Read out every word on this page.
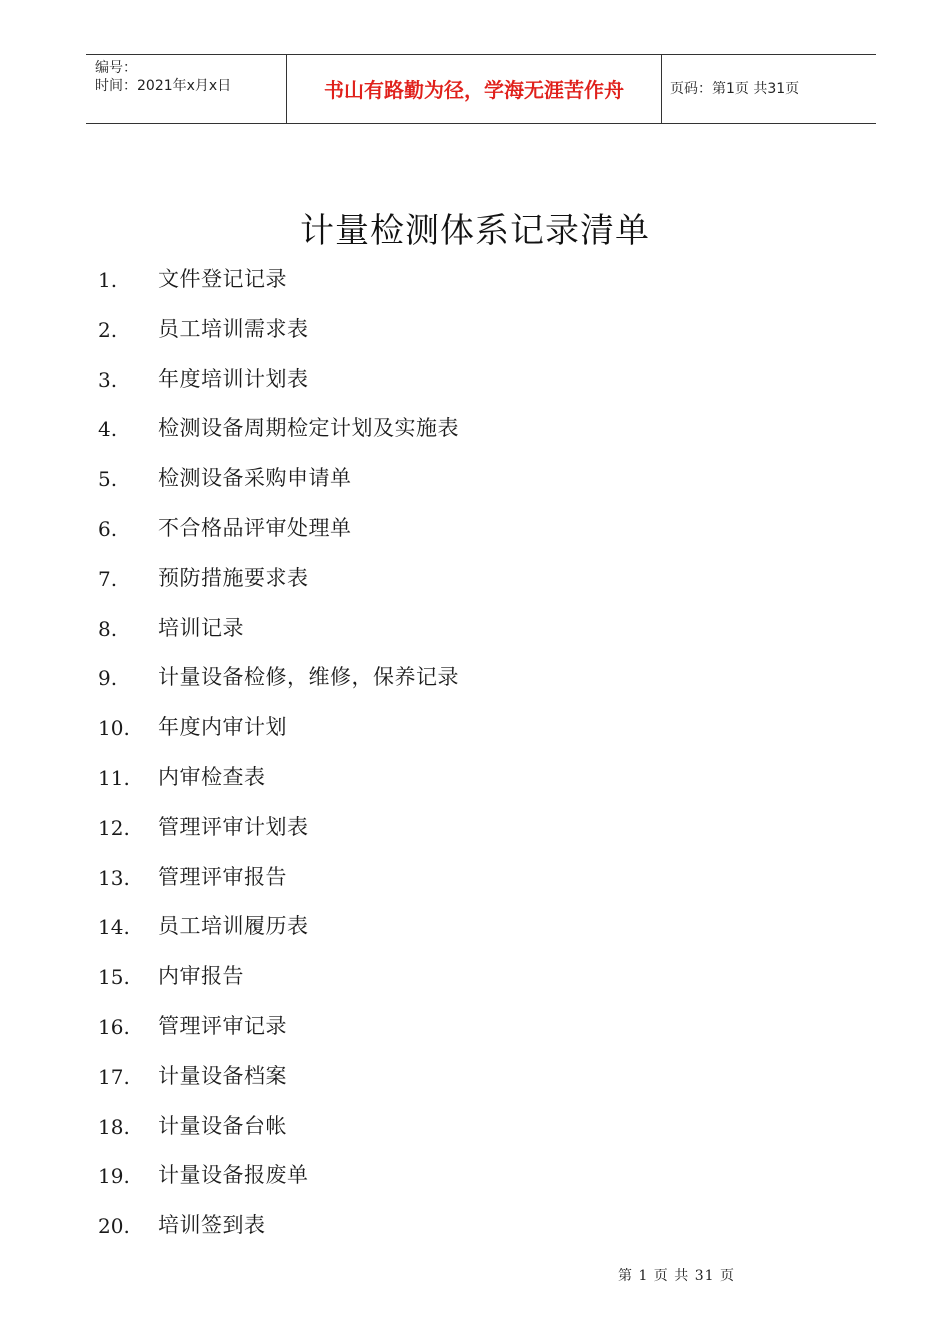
编号：
时间：2021年x月x日	书山有路勤为径，学海无涯苦作舟	页码：第1页 共31页
计量检测体系记录清单
1. 文件登记记录
2. 员工培训需求表
3. 年度培训计划表
4. 检测设备周期检定计划及实施表
5. 检测设备采购申请单
6. 不合格品评审处理单
7. 预防措施要求表
8. 培训记录
9. 计量设备检修，维修，保养记录
10. 年度内审计划
11. 内审检查表
12. 管理评审计划表
13. 管理评审报告
14. 员工培训履历表
15. 内审报告
16. 管理评审记录
17. 计量设备档案
18. 计量设备台帐
19. 计量设备报废单
20. 培训签到表
第 1 页 共 31 页
